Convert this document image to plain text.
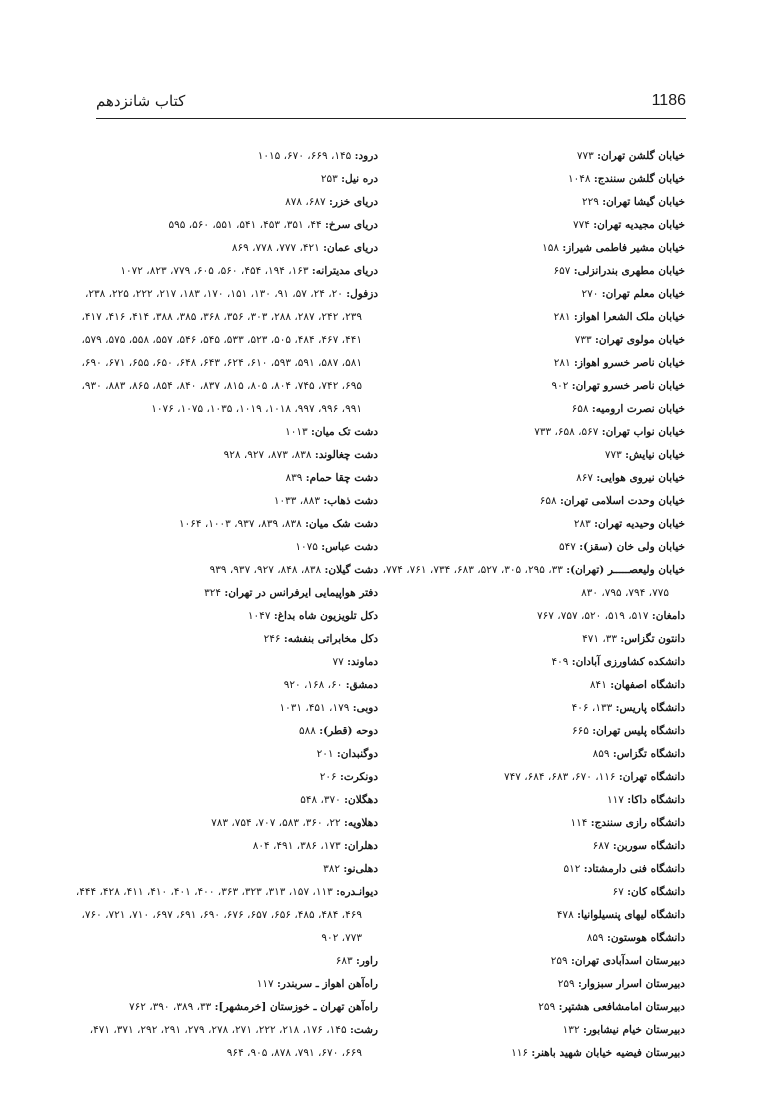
کتاب شانزدهم	1186
خیابان گلشن تهران: ۷۷۳
خیابان گلشن سنندج: ۱۰۴۸
خیابان گیشا تهران: ۲۲۹
خیابان مجیدیه تهران: ۷۷۴
خیابان مشیر فاطمی شیراز: ۱۵۸
خیابان مطهری بندرانزلی: ۶۵۷
خیابان معلم تهران: ۲۷۰
خیابان ملک الشعرا اهواز: ۲۸۱
خیابان مولوی تهران: ۷۳۳
خیابان ناصر خسرو اهواز: ۲۸۱
خیابان ناصر خسرو تهران: ۹۰۲
خیابان نصرت ارومیه: ۶۵۸
خیابان نواب تهران: ۵۶۷، ۶۵۸، ۷۳۳
خیابان نیایش: ۷۷۳
خیابان نیروی هوایی: ۸۶۷
خیابان وحدت اسلامی تهران: ۶۵۸
خیابان وحیدیه تهران: ۲۸۳
خیابان ولی خان (سقز): ۵۴۷
خیابان ولیعصـــــر (تهران): ۳۳، ۲۹۵، ۳۰۵، ۵۲۷، ۶۸۳، ۷۳۴، ۷۶۱، ۷۷۴،
۷۷۵، ۷۹۴، ۷۹۵، ۸۳۰
دامغان: ۵۱۷، ۵۱۹، ۵۲۰، ۷۵۷، ۷۶۷
دانتون تگزاس: ۳۳، ۴۷۱
دانشکده کشاورزی آبادان: ۴۰۹
دانشگاه اصفهان: ۸۴۱
دانشگاه پاریس: ۱۳۳، ۴۰۶
دانشگاه پلیس تهران: ۶۶۵
دانشگاه تگزاس: ۸۵۹
دانشگاه تهران: ۱۱۶، ۶۷۰، ۶۸۳، ۶۸۴، ۷۴۷
دانشگاه داکا: ۱۱۷
دانشگاه رازی سنندج: ۱۱۴
دانشگاه سوربن: ۶۸۷
دانشگاه فنی دارمشتاد: ۵۱۲
دانشگاه کان: ۶۷
دانشگاه لیهای پنسیلوانیا: ۴۷۸
دانشگاه هوستون: ۸۵۹
دبیرستان اسدآبادی تهران: ۲۵۹
دبیرستان اسرار سبزوار: ۲۵۹
دبیرستان امامشافعی هشتپر: ۲۵۹
دبیرستان خیام نیشابور: ۱۳۲
دبیرستان فیضیه خیابان شهید باهنر: ۱۱۶
درود: ۱۴۵، ۶۶۹، ۶۷۰، ۱۰۱۵
دره نیل: ۲۵۳
دریای خزر: ۶۸۷، ۸۷۸
دریای سرخ: ۴۴، ۳۵۱، ۴۵۳، ۵۴۱، ۵۵۱، ۵۶۰، ۵۹۵
دریای عمان: ۴۲۱، ۷۷۷، ۷۷۸، ۸۶۹
دریای مدیترانه: ۱۶۳، ۱۹۴، ۴۵۴، ۵۶۰، ۶۰۵، ۷۷۹، ۸۲۳، ۱۰۷۲
دزفول: ۲۰، ۲۴، ۵۷، ۹۱، ۱۳۰، ۱۵۱، ۱۷۰، ۱۸۳، ۲۱۷، ۲۲۲، ۲۲۵، ۲۳۸،
۲۳۹، ۲۴۲، ۲۸۷، ۲۸۸، ۳۰۳، ۳۵۶، ۳۶۸، ۳۸۵، ۳۸۸، ۴۱۴، ۴۱۶، ۴۱۷،
۴۴۱، ۴۶۷، ۴۸۴، ۵۰۵، ۵۲۳، ۵۳۳، ۵۴۵، ۵۴۶، ۵۵۷، ۵۵۸، ۵۷۵، ۵۷۹،
۵۸۱، ۵۸۷، ۵۹۱، ۵۹۳، ۶۱۰، ۶۲۴، ۶۴۳، ۶۴۸، ۶۵۰، ۶۵۵، ۶۷۱، ۶۹۰،
۶۹۵، ۷۴۲، ۷۴۵، ۸۰۴، ۸۰۵، ۸۱۵، ۸۳۷، ۸۴۰، ۸۵۴، ۸۶۵، ۸۸۳، ۹۳۰،
۹۹۱، ۹۹۶، ۹۹۷، ۱۰۱۸، ۱۰۱۹، ۱۰۳۵، ۱۰۷۵، ۱۰۷۶
دشت تک میان: ۱۰۱۳
دشت چغالوند: ۸۳۸، ۸۷۳، ۹۲۷، ۹۲۸
دشت چقا حمام: ۸۳۹
دشت ذهاب: ۸۸۳، ۱۰۳۳
دشت شک میان: ۸۳۸، ۸۳۹، ۹۳۷، ۱۰۰۳، ۱۰۶۴
دشت عباس: ۱۰۷۵
دشت گیلان: ۸۳۸، ۸۴۸، ۹۲۷، ۹۳۷، ۹۳۹
دفتر هواپیمایی ایرفرانس در تهران: ۳۲۴
دکل تلویزیون شاه بداغ: ۱۰۴۷
دکل مخابراتی بنفشه: ۲۴۶
دماوند: ۷۷
دمشق: ۶۰، ۱۶۸، ۹۲۰
دوبی: ۱۷۹، ۴۵۱، ۱۰۳۱
دوحه (قطر): ۵۸۸
دوگنبدان: ۲۰۱
دونکرت: ۲۰۶
دهگلان: ۳۷۰، ۵۴۸
دهلاویه: ۲۲، ۳۶۰، ۵۸۳، ۷۰۷، ۷۵۴، ۷۸۳
دهلران: ۱۷۳، ۳۸۶، ۴۹۱، ۸۰۴
دهلی‌نو: ۳۸۲
دیوانـدره: ۱۱۳، ۱۵۷، ۳۱۳، ۳۲۳، ۳۶۳، ۴۰۰، ۴۰۱، ۴۱۰، ۴۱۱، ۴۲۸، ۴۴۴،
۴۶۹، ۴۸۴، ۴۸۵، ۶۵۶، ۶۵۷، ۶۷۶، ۶۹۰، ۶۹۱، ۶۹۷، ۷۱۰، ۷۲۱، ۷۶۰،
۷۷۳، ۹۰۲
راور: ۶۸۳
راه‌آهن اهواز ـ سربندر: ۱۱۷
راه‌آهن تهران ـ خوزستان [خرمشهر]: ۳۳، ۳۸۹، ۳۹۰، ۷۶۲
رشت: ۱۴۵، ۱۷۶، ۲۱۸، ۲۲۲، ۲۷۱، ۲۷۸، ۲۷۹، ۲۹۱، ۲۹۲، ۳۷۱، ۴۷۱،
۶۶۹، ۶۷۰، ۷۹۱، ۸۷۸، ۹۰۵، ۹۶۴
